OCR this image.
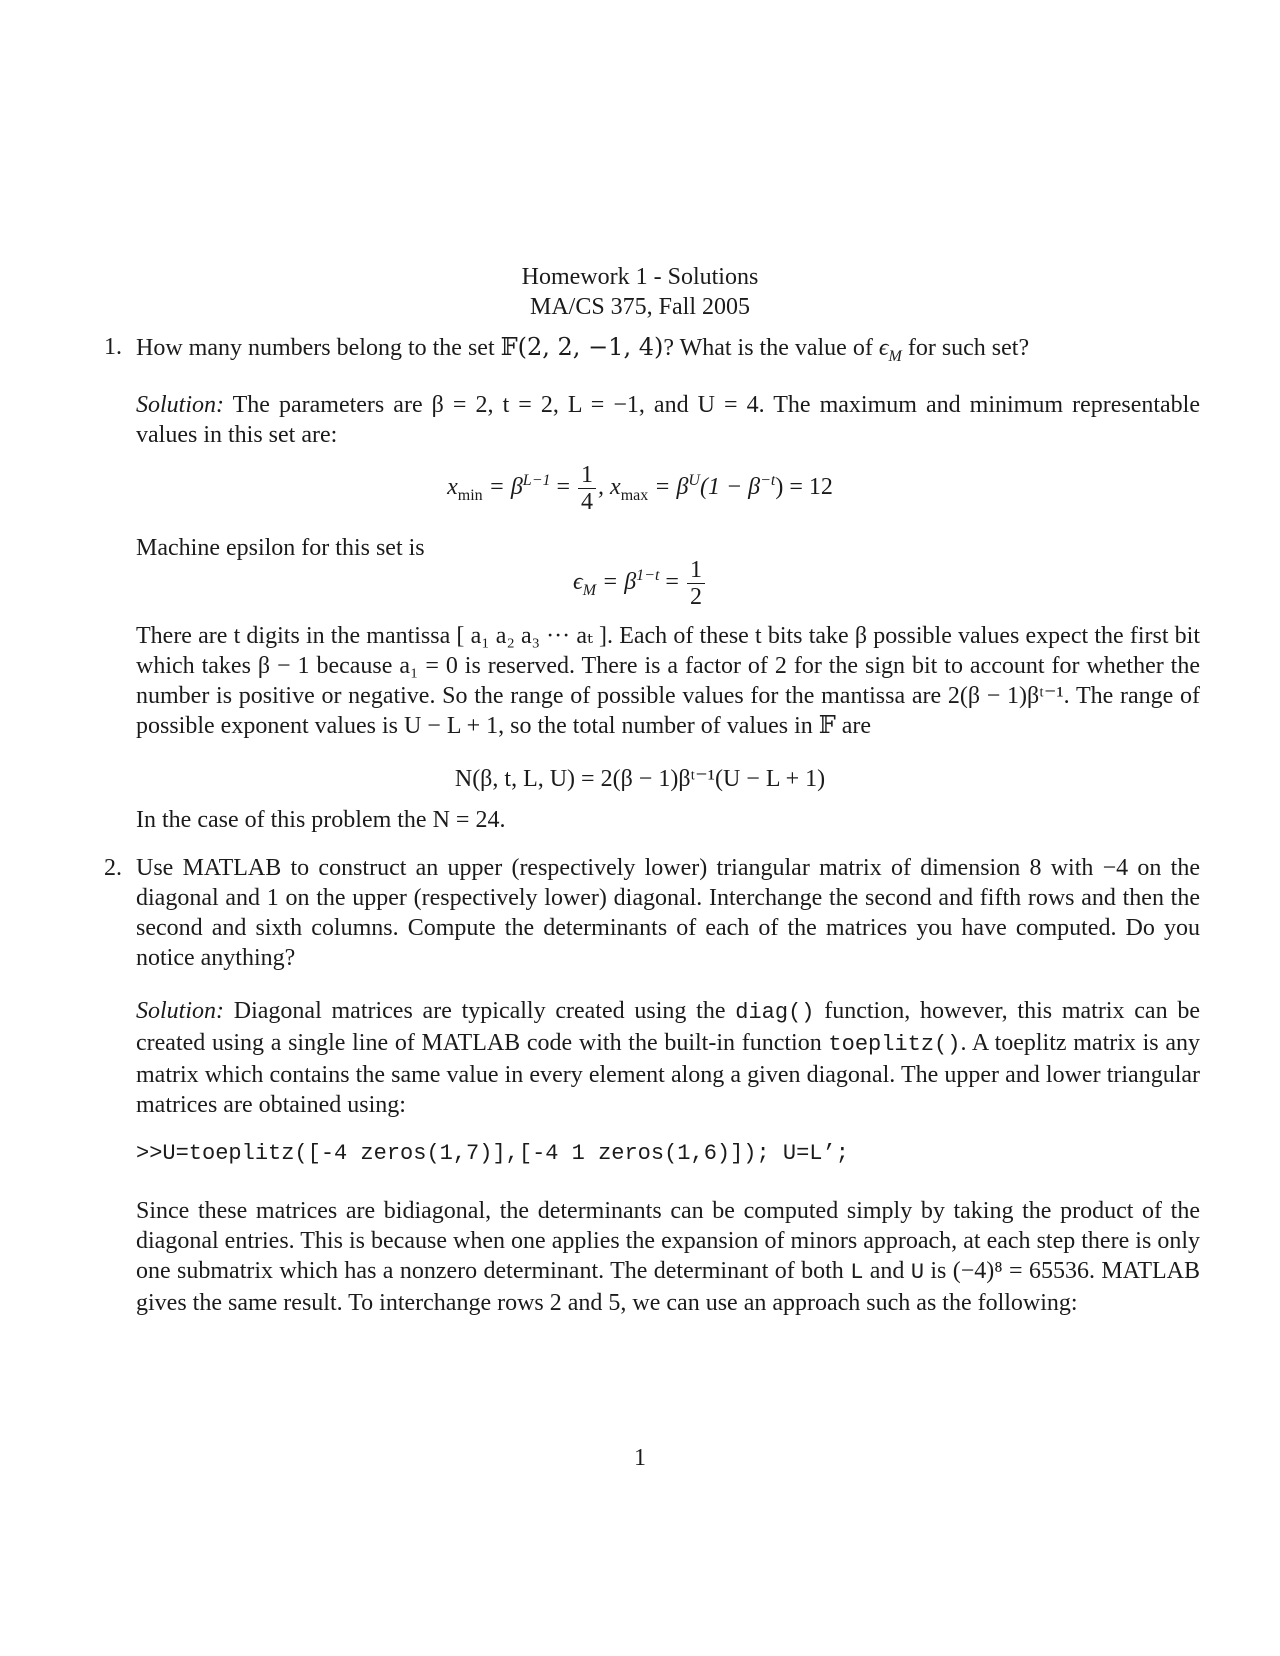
Homework 1 - Solutions
MA/CS 375, Fall 2005
1. How many numbers belong to the set 𝔽(2, 2, −1, 4)? What is the value of $\epsilon_M$ for such set?

Solution: The parameters are β = 2, t = 2, L = −1, and U = 4. The maximum and minimum representable values in this set are:

$x_{min} = \beta^{L-1} = \frac{1}{4}$ , $x_{max} = \beta^U(1 - \beta^{-t}) = 12$
Machine epsilon for this set is
$\epsilon_M = \beta^{1-t} = \frac{1}{2}$
There are t digits in the mantissa [ a₁ a₂ a₃ ··· aₜ ]. Each of these t bits take β possible values expect the first bit which takes β − 1 because a₁ = 0 is reserved. There is a factor of 2 for the sign bit to account for whether the number is positive or negative. So the range of possible values for the mantissa are 2(β − 1)βᵗ⁻¹. The range of possible exponent values is U − L + 1, so the total number of values in 𝔽 are
N(β, t, L, U) = 2(β − 1)βᵗ⁻¹(U − L + 1)
In the case of this problem the N = 24.
2. Use MATLAB to construct an upper (respectively lower) triangular matrix of dimension 8 with −4 on the diagonal and 1 on the upper (respectively lower) diagonal. Interchange the second and fifth rows and then the second and sixth columns. Compute the determinants of each of the matrices you have computed. Do you notice anything?

Solution: Diagonal matrices are typically created using the diag() function, however, this matrix can be created using a single line of MATLAB code with the built-in function toeplitz(). A toeplitz matrix is any matrix which contains the same value in every element along a given diagonal. The upper and lower triangular matrices are obtained using:

>>U=toeplitz([-4 zeros(1,7)],[-4 1 zeros(1,6)]); U=L’;

Since these matrices are bidiagonal, the determinants can be computed simply by taking the product of the diagonal entries. This is because when one applies the expansion of minors approach, at each step there is only one submatrix which has a nonzero determinant. The determinant of both L and U is (−4)⁸ = 65536. MATLAB gives the same result. To interchange rows 2 and 5, we can use an approach such as the following:

1
